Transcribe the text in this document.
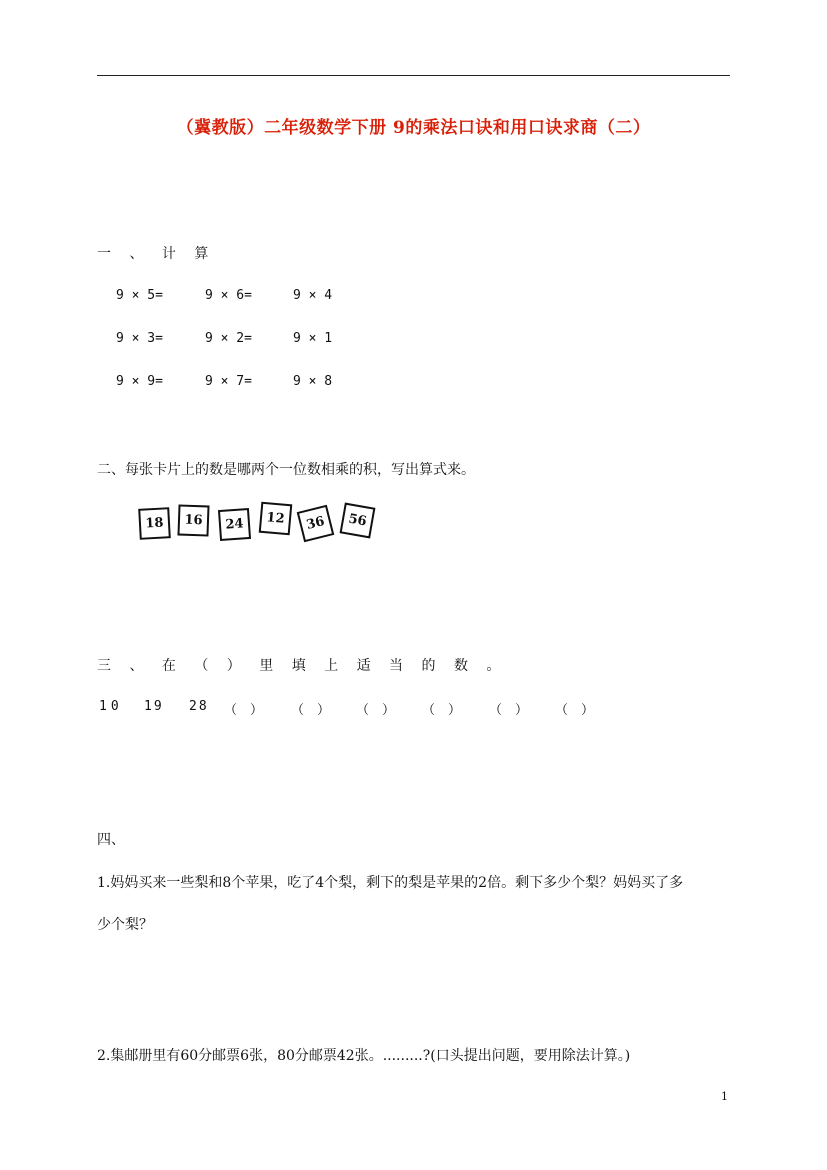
（冀教版）二年级数学下册 9的乘法口诀和用口诀求商（二）
一 、 计 算
9 × 5=	9 × 6=	9 × 4
9 × 3=	9 × 2=	9 × 1
9 × 9=	9 × 7=	9 × 8
二、每张卡片上的数是哪两个一位数相乘的积，写出算式来。
18 16 24 12 36 56
三 、 在 （ ） 里 填 上 适 当 的 数 。
10 19 28 （　） （　） （　） （　） （　） （　）
四、
1.妈妈买来一些梨和8个苹果，吃了4个梨，剩下的梨是苹果的2倍。剩下多少个梨？妈妈买了多
少个梨？
2.集邮册里有60分邮票6张，80分邮票42张。.........?(口头提出问题，要用除法计算。)
1
